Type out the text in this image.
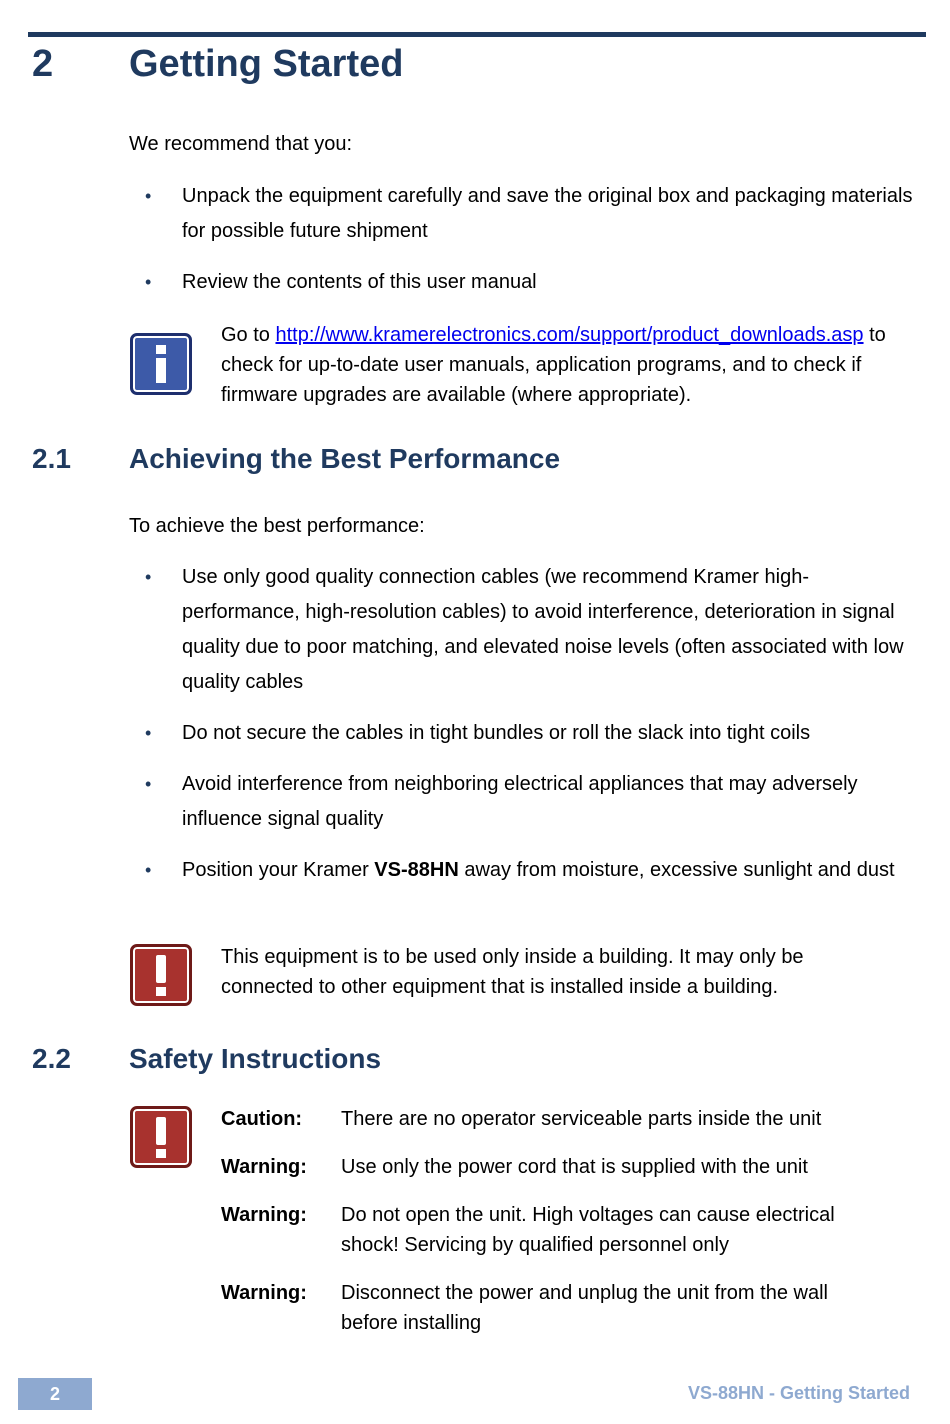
2 Getting Started
We recommend that you:
• Unpack the equipment carefully and save the original box and packaging materials for possible future shipment
• Review the contents of this user manual
Go to http://www.kramerelectronics.com/support/product_downloads.asp to check for up-to-date user manuals, application programs, and to check if firmware upgrades are available (where appropriate).
2.1 Achieving the Best Performance
To achieve the best performance:
• Use only good quality connection cables (we recommend Kramer high-performance, high-resolution cables) to avoid interference, deterioration in signal quality due to poor matching, and elevated noise levels (often associated with low quality cables
• Do not secure the cables in tight bundles or roll the slack into tight coils
• Avoid interference from neighboring electrical appliances that may adversely influence signal quality
• Position your Kramer VS-88HN away from moisture, excessive sunlight and dust
This equipment is to be used only inside a building. It may only be connected to other equipment that is installed inside a building.
2.2 Safety Instructions
Caution: There are no operator serviceable parts inside the unit
Warning: Use only the power cord that is supplied with the unit
Warning: Do not open the unit. High voltages can cause electrical shock! Servicing by qualified personnel only
Warning: Disconnect the power and unplug the unit from the wall before installing
2	VS-88HN - Getting Started
